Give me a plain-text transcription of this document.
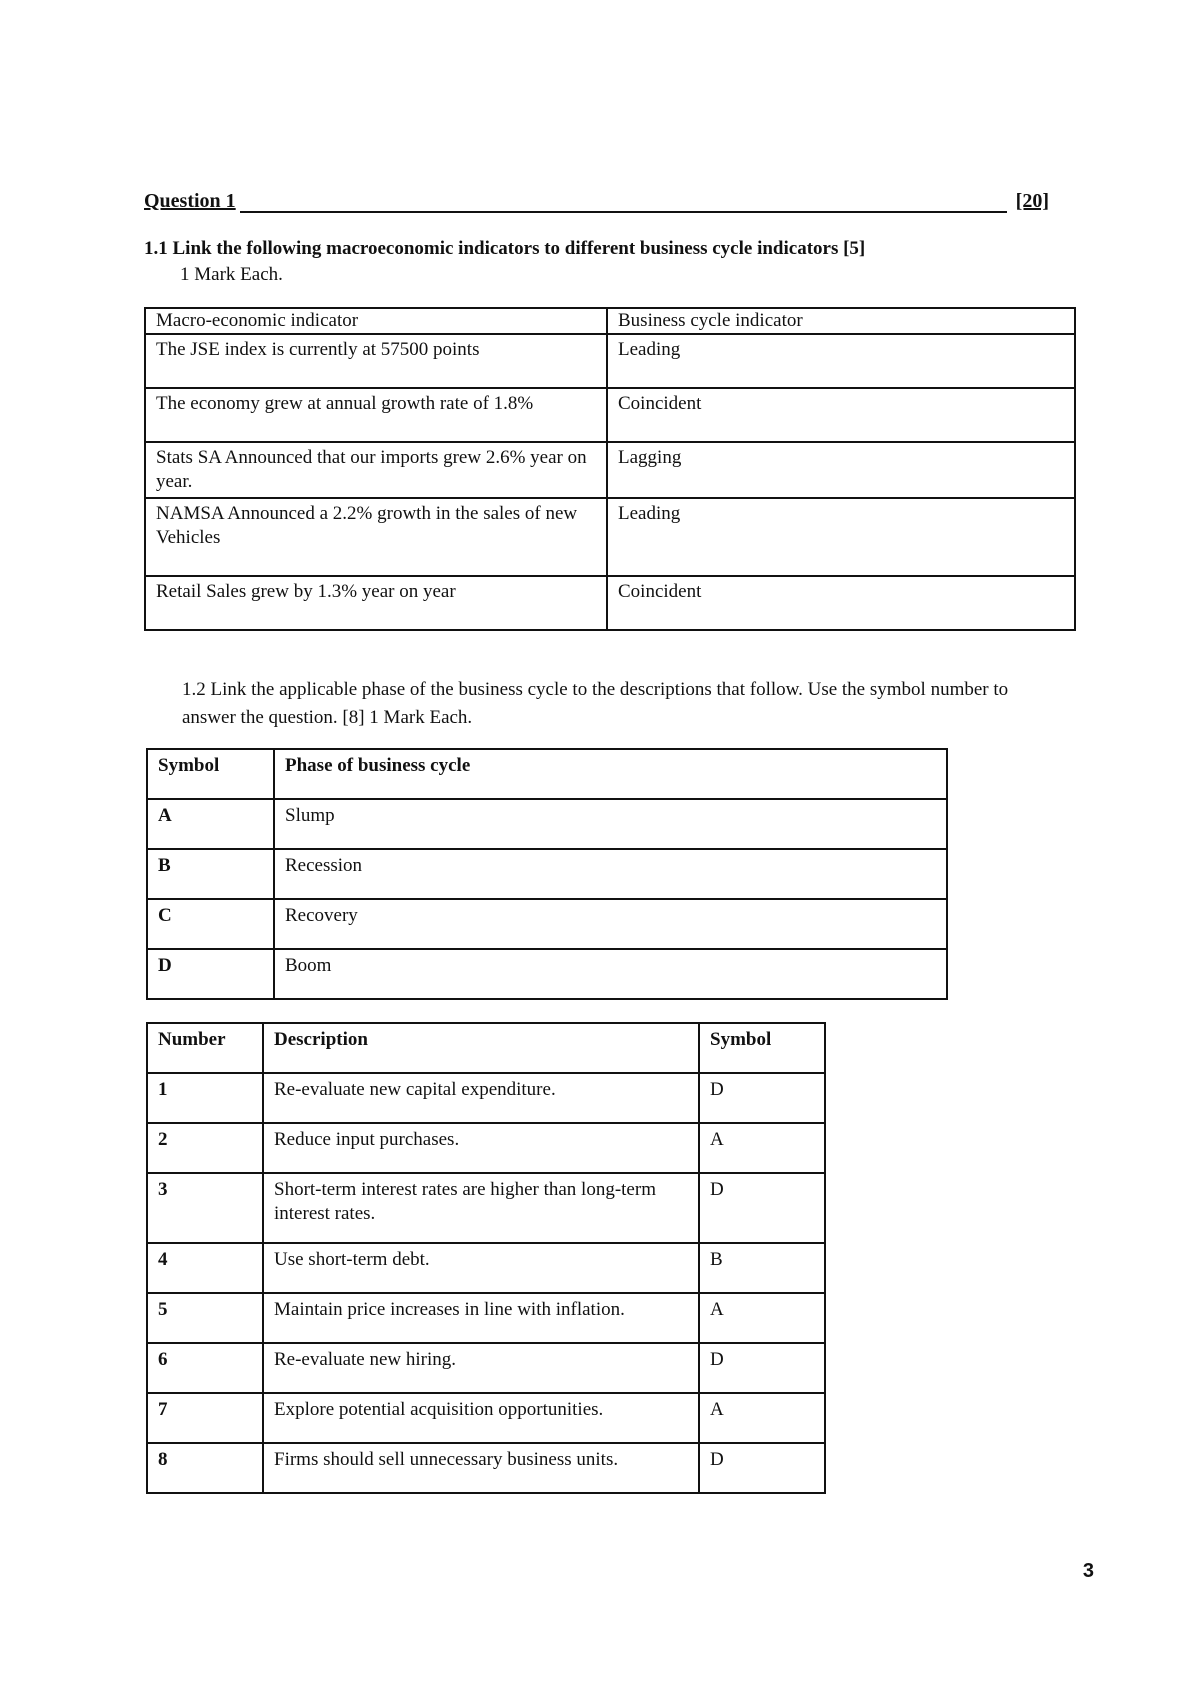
Question 1	[20]
1.1 Link the following macroeconomic indicators to different business cycle indicators [5]
1 Mark Each.
Macro-economic indicator	Business cycle indicator
The JSE index is currently at 57500 points	Leading
The economy grew at annual growth rate of 1.8%	Coincident
Stats SA Announced that our imports grew 2.6% year on year.	Lagging
NAMSA Announced a 2.2% growth in the sales of new Vehicles	Leading
Retail Sales grew by 1.3% year on year	Coincident
1.2 Link the applicable phase of the business cycle to the descriptions that follow. Use the symbol number to answer the question. [8] 1 Mark Each.
Symbol	Phase of business cycle
A	Slump
B	Recession
C	Recovery
D	Boom
Number	Description	Symbol
1	Re-evaluate new capital expenditure.	D
2	Reduce input purchases.	A
3	Short-term interest rates are higher than long-term interest rates.	D
4	Use short-term debt.	B
5	Maintain price increases in line with inflation.	A
6	Re-evaluate new hiring.	D
7	Explore potential acquisition opportunities.	A
8	Firms should sell unnecessary business units.	D
3
